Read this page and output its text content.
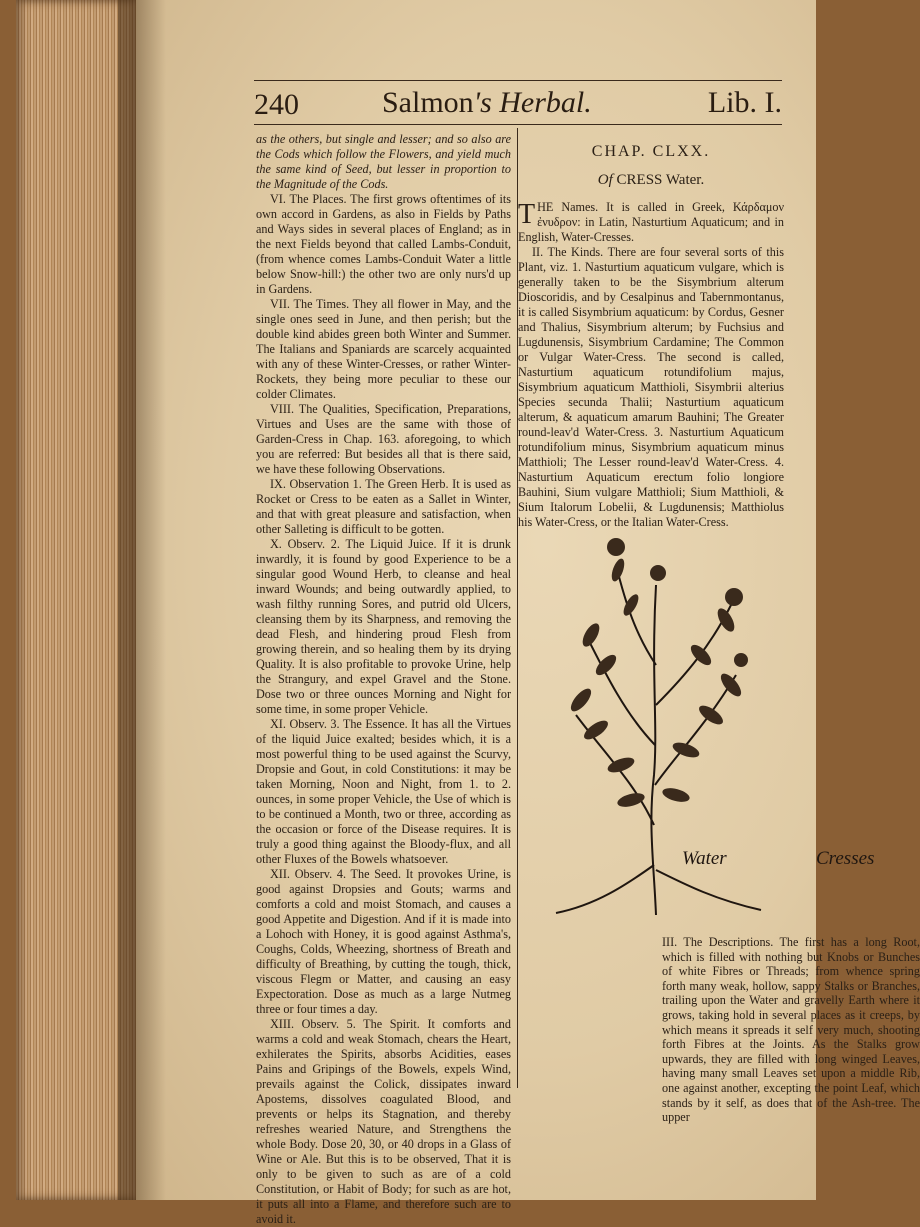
240	Salmon's Herbal.	Lib. I.

as the others, but single and lesser; and so also are the Cods which follow the Flowers, and yield much the same kind of Seed, but lesser in proportion to the Magnitude of the Cods.

VI. The Places. The first grows oftentimes of its own accord in Gardens, as also in Fields by Paths and Ways sides in several places of England; as in the next Fields beyond that called Lambs-Conduit, (from whence comes Lambs-Conduit Water a little below Snow-hill:) the other two are only nurs'd up in Gardens.

VII. The Times. They all flower in May, and the single ones seed in June, and then perish; but the double kind abides green both Winter and Summer. The Italians and Spaniards are scarcely acquainted with any of these Winter-Cresses, or rather Winter-Rockets, they being more peculiar to these our colder Climates.

VIII. The Qualities, Specification, Preparations, Virtues and Uses are the same with those of Garden-Cress in Chap. 163. aforegoing, to which you are referred: But besides all that is there said, we have these following Observations.

IX. Observation 1. The Green Herb. It is used as Rocket or Cress to be eaten as a Sallet in Winter, and that with great pleasure and satisfaction, when other Salleting is difficult to be gotten.

X. Observ. 2. The Liquid Juice. If it is drunk inwardly, it is found by good Experience to be a singular good Wound Herb, to cleanse and heal inward Wounds; and being outwardly applied, to wash filthy running Sores, and putrid old Ulcers, cleansing them by its Sharpness, and removing the dead Flesh, and hindering proud Flesh from growing therein, and so healing them by its drying Quality. It is also profitable to provoke Urine, help the Strangury, and expel Gravel and the Stone. Dose two or three ounces Morning and Night for some time, in some proper Vehicle.

XI. Observ. 3. The Essence. It has all the Virtues of the liquid Juice exalted; besides which, it is a most powerful thing to be used against the Scurvy, Dropsie and Gout, in cold Constitutions: it may be taken Morning, Noon and Night, from 1. to 2. ounces, in some proper Vehicle, the Use of which is to be continued a Month, two or three, according as the occasion or force of the Disease requires. It is truly a good thing against the Bloody-flux, and all other Fluxes of the Bowels whatsoever.

XII. Observ. 4. The Seed. It provokes Urine, is good against Dropsies and Gouts; warms and comforts a cold and moist Stomach, and causes a good Appetite and Digestion. And if it is made into a Lohoch with Honey, it is good against Asthma's, Coughs, Colds, Wheezing, shortness of Breath and difficulty of Breathing, by cutting the tough, thick, viscous Flegm or Matter, and causing an easy Expectoration. Dose as much as a large Nutmeg three or four times a day.

XIII. Observ. 5. The Spirit. It comforts and warms a cold and weak Stomach, chears the Heart, exhilerates the Spirits, absorbs Acidities, eases Pains and Gripings of the Bowels, expels Wind, prevails against the Colick, dissipates inward Apostems, dissolves coagulated Blood, and prevents or helps its Stagnation, and thereby refreshes wearied Nature, and Strengthens the whole Body. Dose 20, 30, or 40 drops in a Glass of Wine or Ale. But this is to be observed, That it is only to be given to such as are of a cold Constitution, or Habit of Body; for such as are hot, it puts all into a Flame, and therefore such are to avoid it.

CHAP. CLXX.
Of CRESS Water.

THE Names. It is called in Greek, Κάρδαμον ἐνυδρον: in Latin, Nasturtium Aquaticum; and in English, Water-Cresses.

II. The Kinds. There are four several sorts of this Plant, viz. 1. Nasturtium aquaticum vulgare, which is generally taken to be the Sisymbrium alterum Dioscoridis, and by Cesalpinus and Tabernmontanus, it is called Sisymbrium aquaticum: by Cordus, Gesner and Thalius, Sisymbrium alterum; by Fuchsius and Lugdunensis, Sisymbrium Cardamine; The Common or Vulgar Water-Cress. The second is called, Nasturtium aquaticum rotundifolium majus, Sisymbrium aquaticum Matthioli, Sisymbrii alterius Species secunda Thalii; Nasturtium aquaticum alterum, & aquaticum amarum Bauhini; The Greater round-leav'd Water-Cress. 3. Nasturtium Aquaticum rotundifolium minus, Sisymbrium aquaticum minus Matthioli; The Lesser round-leav'd Water-Cress. 4. Nasturtium Aquaticum erectum folio longiore Bauhini, Sium vulgare Matthioli; Sium Matthioli, & Sium Italorum Lobelii, & Lugdunensis; Matthiolus his Water-Cress, or the Italian Water-Cress.

Water	Cresses

III. The Descriptions. The first has a long Root, which is filled with nothing but Knobs or Bunches of white Fibres or Threads; from whence spring forth many weak, hollow, sappy Stalks or Branches, trailing upon the Water and gravelly Earth where it grows, taking hold in several places as it creeps, by which means it spreads it self very much, shooting forth Fibres at the Joints. As the Stalks grow upwards, they are filled with long winged Leaves, having many small Leaves set upon a middle Rib, one against another, excepting the point Leaf, which stands by it self, as does that of the Ash-tree. The upper
